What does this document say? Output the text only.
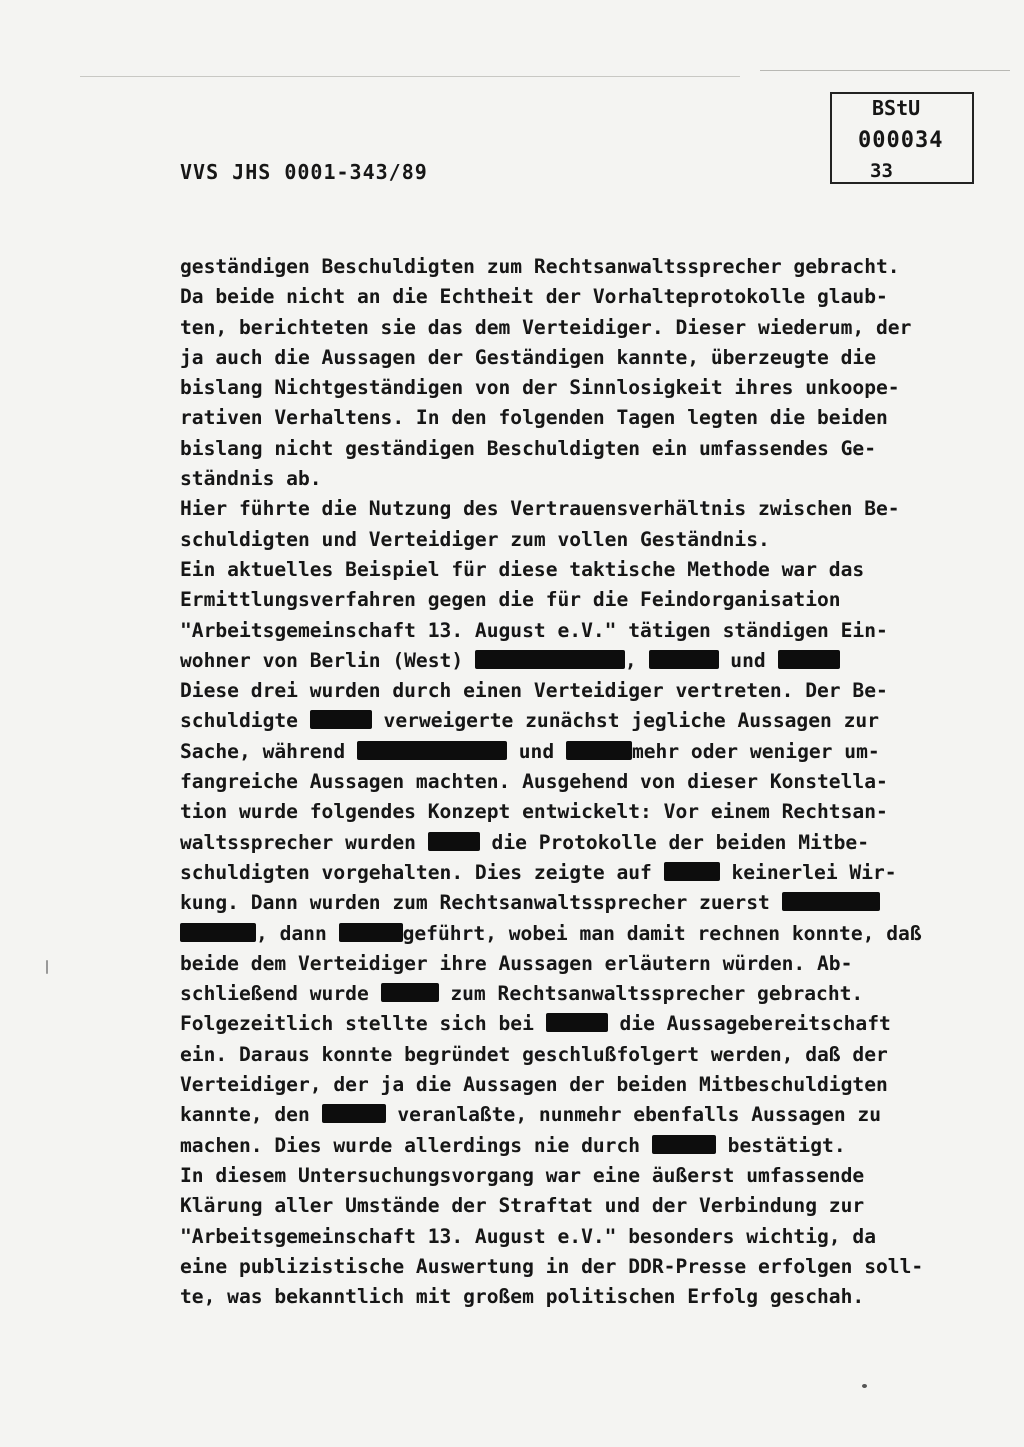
VVS JHS 0001-343/89
BStU
000034
33
geständigen Beschuldigten zum Rechtsanwaltssprecher gebracht.
Da beide nicht an die Echtheit der Vorhalteprotokolle glaub-
ten, berichteten sie das dem Verteidiger. Dieser wiederum, der
ja auch die Aussagen der Geständigen kannte, überzeugte die
bislang Nichtgeständigen von der Sinnlosigkeit ihres unkoope-
rativen Verhaltens. In den folgenden Tagen legten die beiden
bislang nicht geständigen Beschuldigten ein umfassendes Ge-
ständnis ab.
Hier führte die Nutzung des Vertrauensverhältnis zwischen Be-
schuldigten und Verteidiger zum vollen Geständnis.
Ein aktuelles Beispiel für diese taktische Methode war das
Ermittlungsverfahren gegen die für die Feindorganisation
"Arbeitsgemeinschaft 13. August e.V." tätigen ständigen Ein-
wohner von Berlin (West)	,	und
Diese drei wurden durch einen Verteidiger vertreten. Der Be-
schuldigte	verweigerte zunächst jegliche Aussagen zur
Sache, während	und	mehr oder weniger um-
fangreiche Aussagen machten. Ausgehend von dieser Konstella-
tion wurde folgendes Konzept entwickelt: Vor einem Rechtsan-
waltssprecher wurden	die Protokolle der beiden Mitbe-
schuldigten vorgehalten. Dies zeigte auf	keinerlei Wir-
kung. Dann wurden zum Rechtsanwaltssprecher zuerst
, dann	geführt, wobei man damit rechnen konnte, daß
beide dem Verteidiger ihre Aussagen erläutern würden. Ab-
schließend wurde	zum Rechtsanwaltssprecher gebracht.
Folgezeitlich stellte sich bei	die Aussagebereitschaft
ein. Daraus konnte begründet geschlußfolgert werden, daß der
Verteidiger, der ja die Aussagen der beiden Mitbeschuldigten
kannte, den	veranlaßte, nunmehr ebenfalls Aussagen zu
machen. Dies wurde allerdings nie durch	bestätigt.
In diesem Untersuchungsvorgang war eine äußerst umfassende
Klärung aller Umstände der Straftat und der Verbindung zur
"Arbeitsgemeinschaft 13. August e.V." besonders wichtig, da
eine publizistische Auswertung in der DDR-Presse erfolgen soll-
te, was bekanntlich mit großem politischen Erfolg geschah.
